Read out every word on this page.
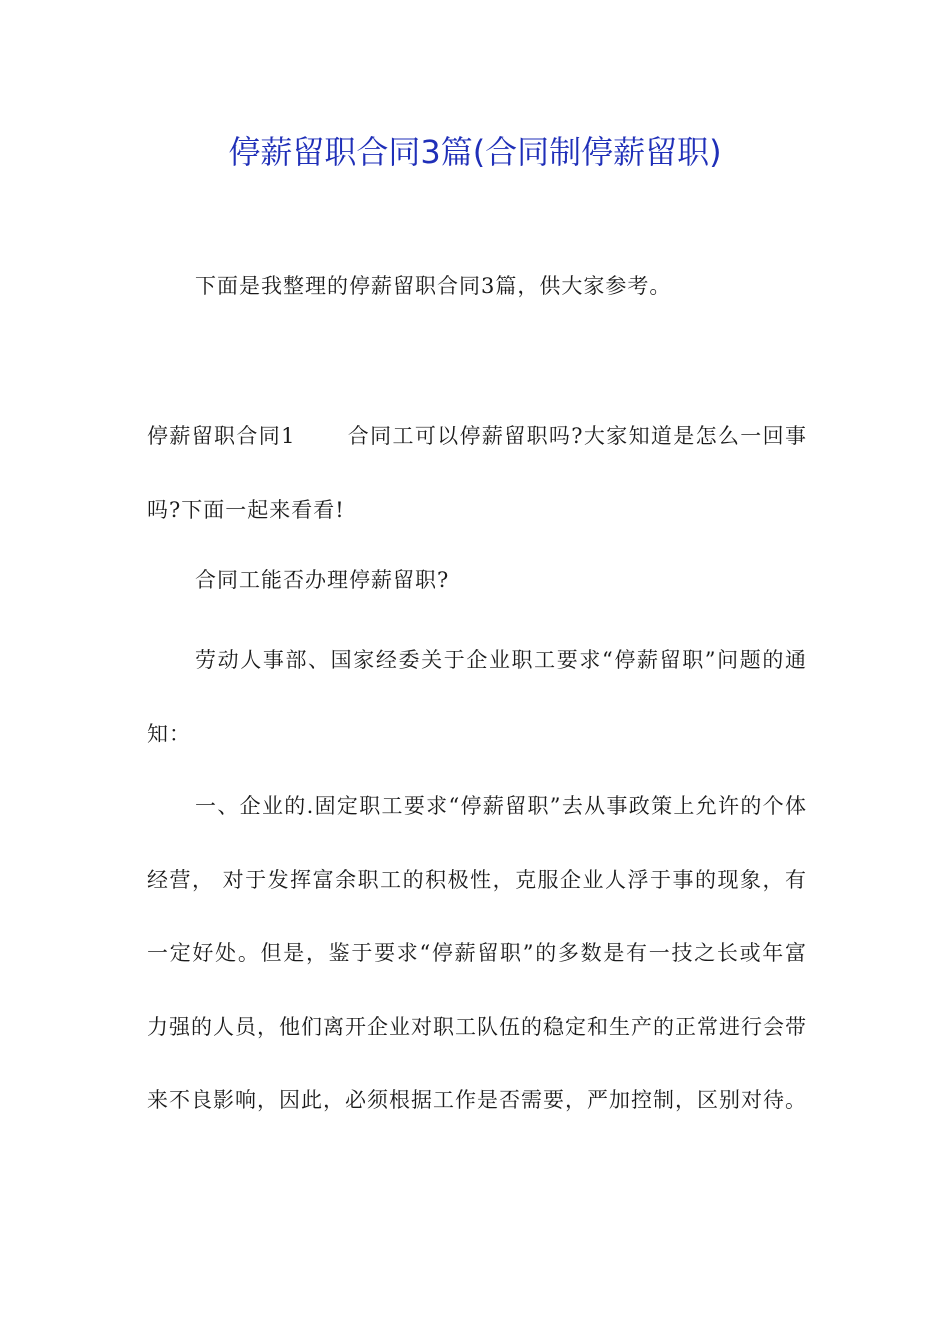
停薪留职合同3篇(合同制停薪留职)

下面是我整理的停薪留职合同3篇，供大家参考。

停薪留职合同1 合同工可以停薪留职吗?大家知道是怎么一回事吗?下面一起来看看!

合同工能否办理停薪留职?

劳动人事部、国家经委关于企业职工要求“停薪留职”问题的通知：

一、企业的.固定职工要求“停薪留职”去从事政策上允许的个体经营， 对于发挥富余职工的积极性，克服企业人浮于事的现象，有一定好处。但是，鉴于要求“停薪留职”的多数是有一技之长或年富力强的人员，他们离开企业对职工队伍的稳定和生产的正常进行会带来不良影响，因此，必须根据工作是否需要，严加控制，区别对待。
